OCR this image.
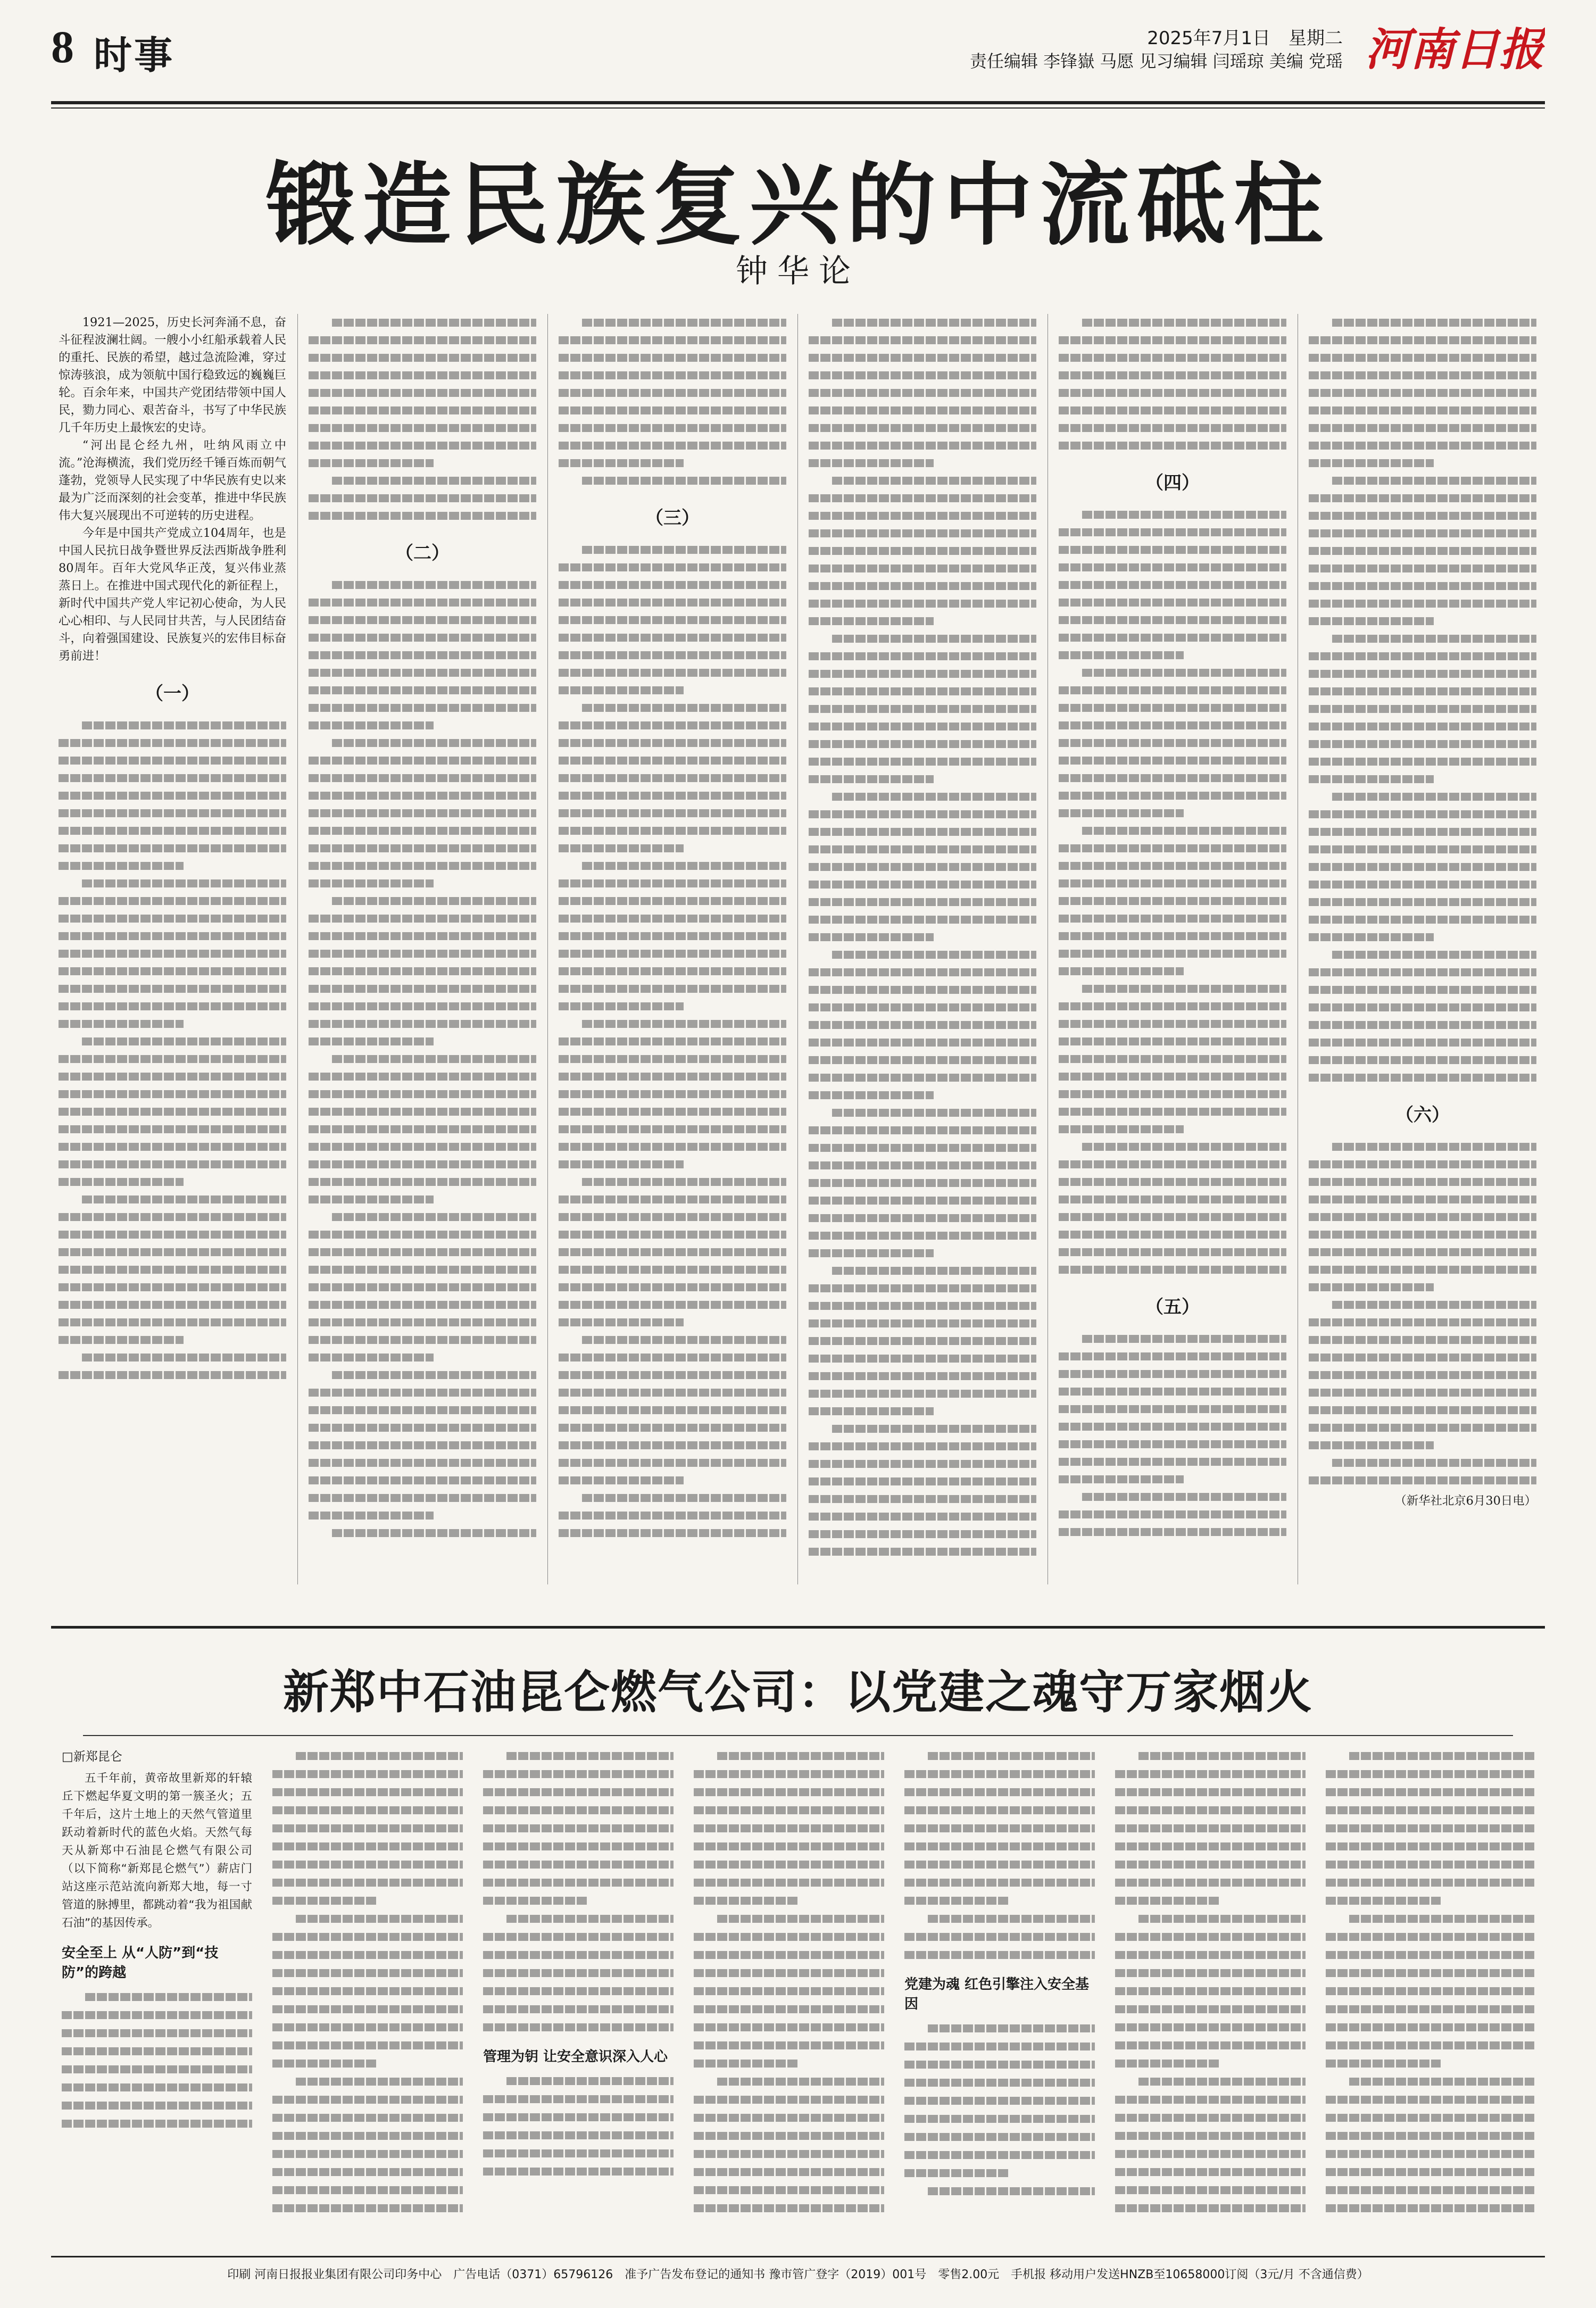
8 时事	2025年7月1日　星期二
责任编辑 李锋嶽 马愿 见习编辑 闫瑶琼 美编 党瑶 河南日报
锻造民族复兴的中流砥柱
钟华论

1921—2025，历史长河奔涌不息，奋斗征程波澜壮阔。一艘小小红船承载着人民的重托、民族的希望，越过急流险滩，穿过惊涛骇浪，成为领航中国行稳致远的巍巍巨轮。百余年来，中国共产党团结带领中国人民，勠力同心、艰苦奋斗，书写了中华民族几千年历史上最恢宏的史诗。

“河出昆仑经九州，吐纳风雨立中流。”沧海横流，我们党历经千锤百炼而朝气蓬勃，党领导人民实现了中华民族有史以来最为广泛而深刻的社会变革，推进中华民族伟大复兴展现出不可逆转的历史进程。

今年是中国共产党成立104周年，也是中国人民抗日战争暨世界反法西斯战争胜利80周年。百年大党风华正茂，复兴伟业蒸蒸日上。在推进中国式现代化的新征程上，新时代中国共产党人牢记初心使命，为人民心心相印、与人民同甘共苦，与人民团结奋斗，向着强国建设、民族复兴的宏伟目标奋勇前进！

（一）
（二）
（三）
（四）
（五）
（六）
（新华社北京6月30日电）
新郑中石油昆仑燃气公司：以党建之魂守万家烟火
□新郑昆仑

五千年前，黄帝故里新郑的轩辕丘下燃起华夏文明的第一簇圣火；五千年后，这片土地上的天然气管道里跃动着新时代的蓝色火焰。天然气每天从新郑中石油昆仑燃气有限公司（以下简称“新郑昆仑燃气”）薪店门站这座示范站流向新郑大地，每一寸管道的脉搏里，都跳动着“我为祖国献石油”的基因传承。

安全至上 从“人防”到“技防”的跨越
管理为钥 让安全意识深入人心
党建为魂 红色引擎注入安全基因
印刷 河南日报报业集团有限公司印务中心　广告电话（0371）65796126　准予广告发布登记的通知书 豫市管广登字（2019）001号　零售2.00元　手机报 移动用户发送HNZB至10658000订阅（3元/月 不含通信费）
